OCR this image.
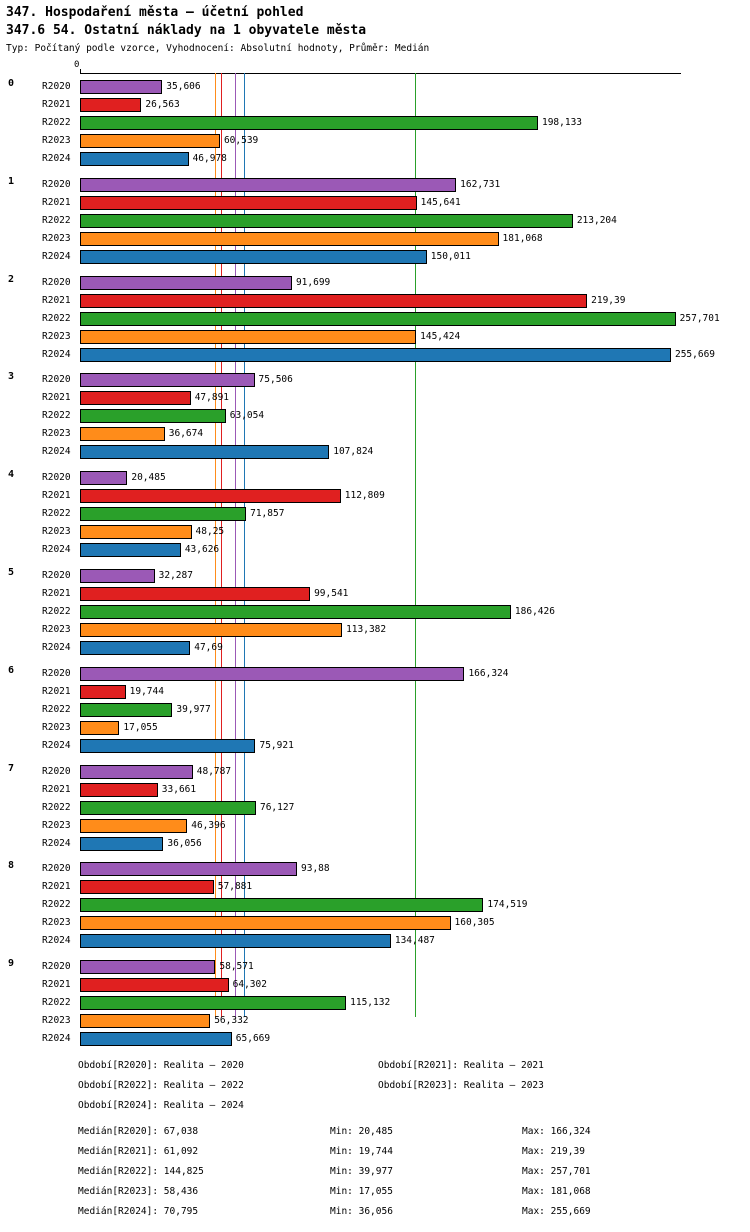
347. Hospodaření města – účetní pohled
347.6 54. Ostatní náklady na 1 obyvatele města
Typ: Počítaný podle vzorce, Vyhodnocení: Absolutní hodnoty, Průměr: Medián
0
0	R2020	35,606
R2021	26,563
R2022	198,133
R2023	60,539
R2024	46,978
1	R2020	162,731
R2021	145,641
R2022	213,204
R2023	181,068
R2024	150,011
2	R2020	91,699
R2021	219,39
R2022	257,701
R2023	145,424
R2024	255,669
3	R2020	75,506
R2021	47,891
R2022	63,054
R2023	36,674
R2024	107,824
4	R2020	20,485
R2021	112,809
R2022	71,857
R2023	48,25
R2024	43,626
5	R2020	32,287
R2021	99,541
R2022	186,426
R2023	113,382
R2024	47,69
6	R2020	166,324
R2021	19,744
R2022	39,977
R2023	17,055
R2024	75,921
7	R2020	48,787
R2021	33,661
R2022	76,127
R2023	46,396
R2024	36,056
8	R2020	93,88
R2021	57,881
R2022	174,519
R2023	160,305
R2024	134,487
9	R2020	58,571
R2021	64,302
R2022	115,132
R2023	56,332
R2024	65,669
Období[R2020]: Realita – 2020	Období[R2021]: Realita – 2021
Období[R2022]: Realita – 2022	Období[R2023]: Realita – 2023
Období[R2024]: Realita – 2024
Medián[R2020]: 67,038	Min: 20,485	Max: 166,324
Medián[R2021]: 61,092	Min: 19,744	Max: 219,39
Medián[R2022]: 144,825	Min: 39,977	Max: 257,701
Medián[R2023]: 58,436	Min: 17,055	Max: 181,068
Medián[R2024]: 70,795	Min: 36,056	Max: 255,669
